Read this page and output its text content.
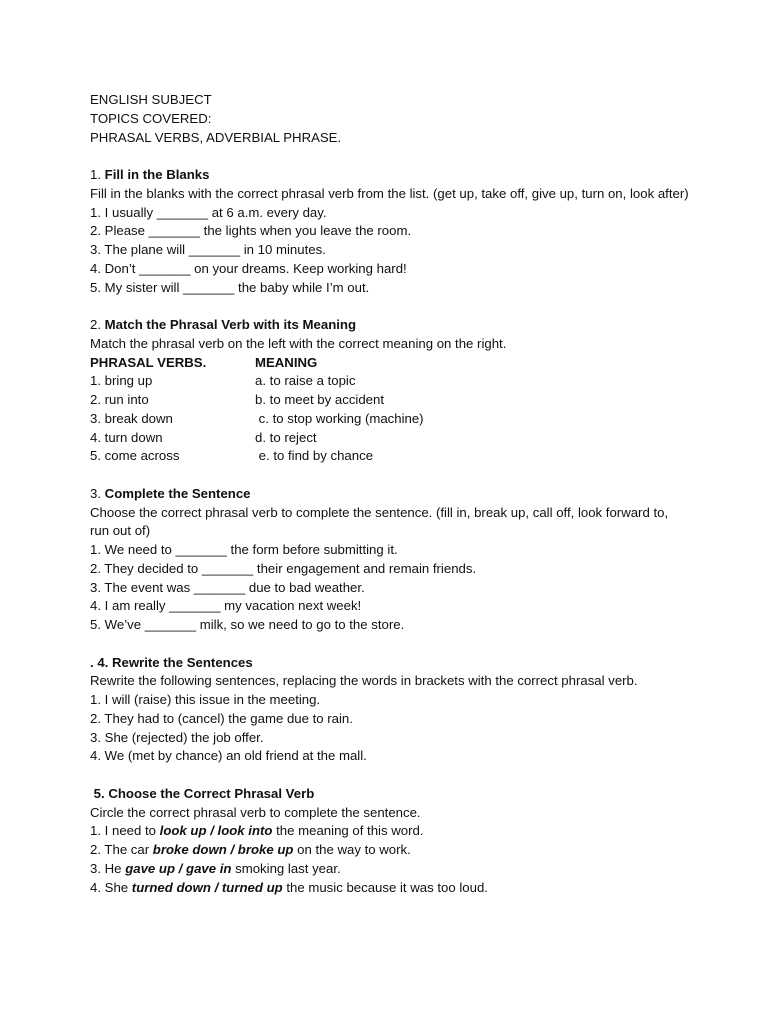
ENGLISH SUBJECT
TOPICS COVERED:
PHRASAL VERBS, ADVERBIAL PHRASE.
1. Fill in the Blanks
Fill in the blanks with the correct phrasal verb from the list. (get up, take off, give up, turn on, look after)
1. I usually _______ at 6 a.m. every day.
2. Please _______ the lights when you leave the room.
3. The plane will _______ in 10 minutes.
4. Don’t _______ on your dreams. Keep working hard!
5. My sister will _______ the baby while I’m out.
2. Match the Phrasal Verb with its Meaning
Match the phrasal verb on the left with the correct meaning on the right.
PHRASAL VERBS.	MEANING
1. bring up	a. to raise a topic
2. run into	b. to meet by accident
3. break down	c. to stop working (machine)
4. turn down	d. to reject
5. come across	e. to find by chance
3. Complete the Sentence
Choose the correct phrasal verb to complete the sentence. (fill in, break up, call off, look forward to, run out of)
1. We need to _______ the form before submitting it.
2. They decided to _______ their engagement and remain friends.
3. The event was _______ due to bad weather.
4. I am really _______ my vacation next week!
5. We’ve _______ milk, so we need to go to the store.
. 4. Rewrite the Sentences
Rewrite the following sentences, replacing the words in brackets with the correct phrasal verb.
1. I will (raise) this issue in the meeting.
2. They had to (cancel) the game due to rain.
3. She (rejected) the job offer.
4. We (met by chance) an old friend at the mall.
5. Choose the Correct Phrasal Verb
Circle the correct phrasal verb to complete the sentence.
1. I need to look up / look into the meaning of this word.
2. The car broke down / broke up on the way to work.
3. He gave up / gave in smoking last year.
4. She turned down / turned up the music because it was too loud.
